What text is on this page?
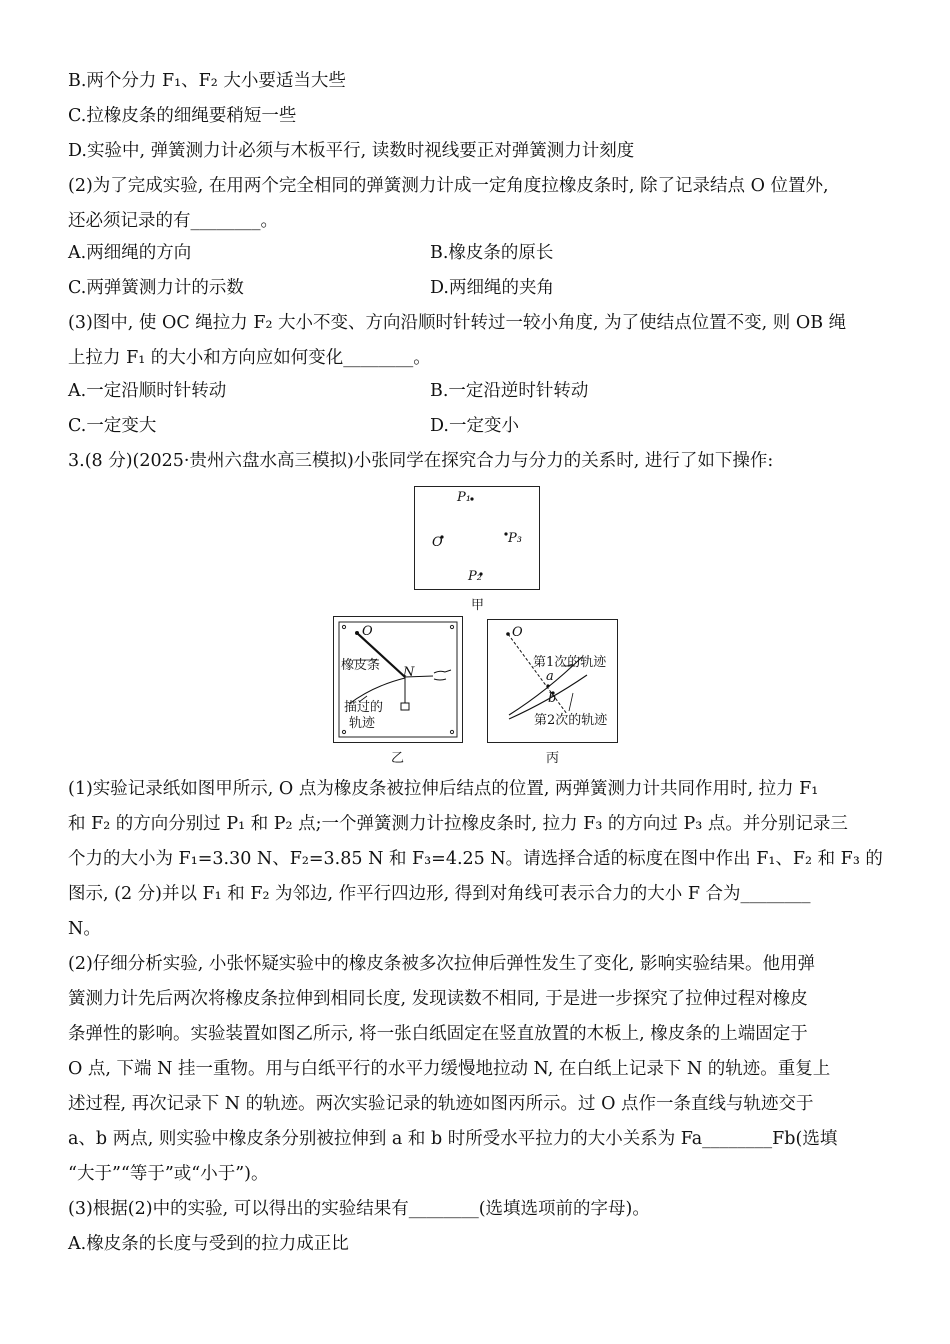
B.两个分力 F₁、F₂ 大小要适当大些
C.拉橡皮条的细绳要稍短一些
D.实验中, 弹簧测力计必须与木板平行, 读数时视线要正对弹簧测力计刻度
(2)为了完成实验, 在用两个完全相同的弹簧测力计成一定角度拉橡皮条时, 除了记录结点 O 位置外,
还必须记录的有________。
A.两细绳的方向	B.橡皮条的原长
C.两弹簧测力计的示数	D.两细绳的夹角
(3)图中, 使 OC 绳拉力 F₂ 大小不变、方向沿顺时针转过一较小角度, 为了使结点位置不变, 则 OB 绳
上拉力 F₁ 的大小和方向应如何变化________。
A.一定沿顺时针转动	B.一定沿逆时针转动
C.一定变大	D.一定变小
3.(8 分)(2025·贵州六盘水高三模拟)小张同学在探究合力与分力的关系时, 进行了如下操作:
P₁
O	P₃
P₂
甲
O
橡皮条 N
描过的
轨迹
乙
O
第1次的轨迹
a
b
第2次的轨迹
丙
(1)实验记录纸如图甲所示, O 点为橡皮条被拉伸后结点的位置, 两弹簧测力计共同作用时, 拉力 F₁
和 F₂ 的方向分别过 P₁ 和 P₂ 点;一个弹簧测力计拉橡皮条时, 拉力 F₃ 的方向过 P₃ 点。并分别记录三
个力的大小为 F₁=3.30 N、F₂=3.85 N 和 F₃=4.25 N。请选择合适的标度在图中作出 F₁、F₂ 和 F₃ 的
图示, (2 分)并以 F₁ 和 F₂ 为邻边, 作平行四边形, 得到对角线可表示合力的大小 F 合为________
N。
(2)仔细分析实验, 小张怀疑实验中的橡皮条被多次拉伸后弹性发生了变化, 影响实验结果。他用弹
簧测力计先后两次将橡皮条拉伸到相同长度, 发现读数不相同, 于是进一步探究了拉伸过程对橡皮
条弹性的影响。实验装置如图乙所示, 将一张白纸固定在竖直放置的木板上, 橡皮条的上端固定于
O 点, 下端 N 挂一重物。用与白纸平行的水平力缓慢地拉动 N, 在白纸上记录下 N 的轨迹。重复上
述过程, 再次记录下 N 的轨迹。两次实验记录的轨迹如图丙所示。过 O 点作一条直线与轨迹交于
a、b 两点, 则实验中橡皮条分别被拉伸到 a 和 b 时所受水平拉力的大小关系为 Fa________Fb(选填
“大于”“等于”或“小于”)。
(3)根据(2)中的实验, 可以得出的实验结果有________(选填选项前的字母)。
A.橡皮条的长度与受到的拉力成正比
